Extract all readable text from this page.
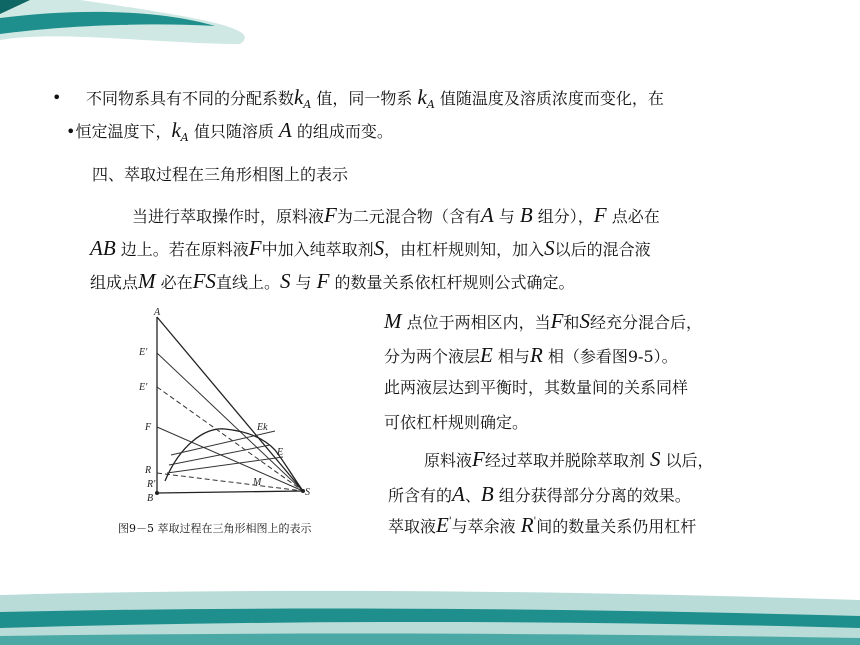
• 不同物系具有不同的分配系数$k_A$ 值，同一物系 $k_A$ 值随温度及溶质浓度而变化，在
•恒定温度下，$k_A$ 值只随溶质 A 的组成而变。
四、萃取过程在三角形相图上的表示
当进行萃取操作时，原料液F为二元混合物（含有A 与 B 组分），F 点必在
AB 边上。若在原料液F中加入纯萃取剂S，由杠杆规则知，加入S以后的混合液
组成点M 必在FS直线上。S 与 F 的数量关系依杠杆规则公式确定。
M 点位于两相区内，当F和S经充分混合后，
分为两个液层E 相与R 相（参看图9-5）。
此两液层达到平衡时，其数量间的关系同样
可依杠杆规则确定。
原料液F经过萃取并脱除萃取剂 S 以后，
所含有的A、B 组分获得部分分离的效果。
萃取液E'与萃余液 R'间的数量关系仍用杠杆
A
E'
E'
F
R
R'
B
S
M
E
Ek
图9－5 萃取过程在三角形相图上的表示
